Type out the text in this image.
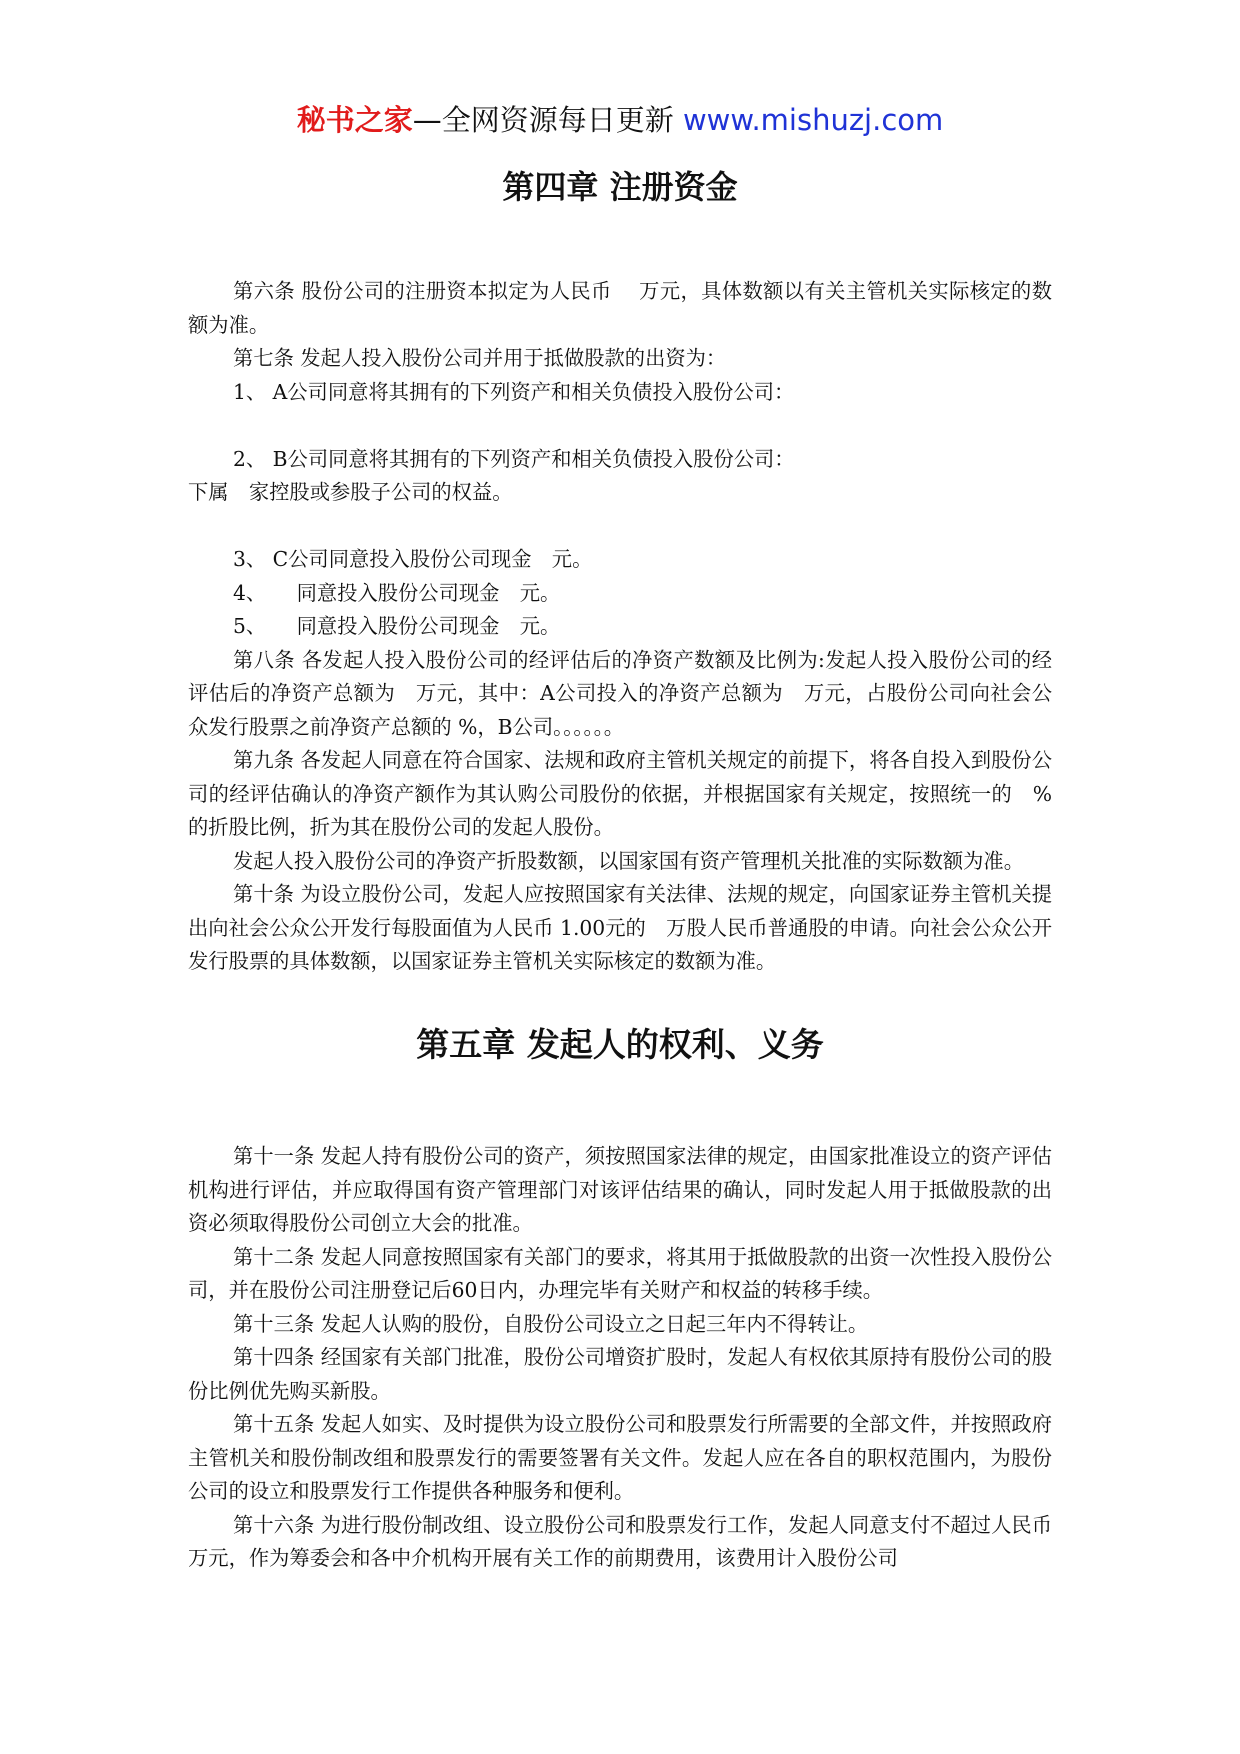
秘书之家—全网资源每日更新 www.mishuzj.com
第四章 注册资金

第六条 股份公司的注册资本拟定为人民币　 万元，具体数额以有关主管机关实际核定的数额为准。

第七条 发起人投入股份公司并用于抵做股款的出资为：

1、 A公司同意将其拥有的下列资产和相关负债投入股份公司：

2、 B公司同意将其拥有的下列资产和相关负债投入股份公司：

下属　家控股或参股子公司的权益。

3、 C公司同意投入股份公司现金　元。

4、　　同意投入股份公司现金　元。

5、　　同意投入股份公司现金　元。

第八条 各发起人投入股份公司的经评估后的净资产数额及比例为:发起人投入股份公司的经评估后的净资产总额为　万元，其中：A公司投入的净资产总额为　万元，占股份公司向社会公众发行股票之前净资产总额的 %，B公司。。。。。。

第九条 各发起人同意在符合国家、法规和政府主管机关规定的前提下，将各自投入到股份公司的经评估确认的净资产额作为其认购公司股份的依据，并根据国家有关规定，按照统一的　%的折股比例，折为其在股份公司的发起人股份。

发起人投入股份公司的净资产折股数额，以国家国有资产管理机关批准的实际数额为准。

第十条 为设立股份公司，发起人应按照国家有关法律、法规的规定，向国家证券主管机关提出向社会公众公开发行每股面值为人民币 1.00元的　万股人民币普通股的申请。向社会公众公开发行股票的具体数额，以国家证券主管机关实际核定的数额为准。

第五章 发起人的权利、义务

第十一条 发起人持有股份公司的资产，须按照国家法律的规定，由国家批准设立的资产评估机构进行评估，并应取得国有资产管理部门对该评估结果的确认，同时发起人用于抵做股款的出资必须取得股份公司创立大会的批准。

第十二条 发起人同意按照国家有关部门的要求，将其用于抵做股款的出资一次性投入股份公司，并在股份公司注册登记后60日内，办理完毕有关财产和权益的转移手续。

第十三条 发起人认购的股份，自股份公司设立之日起三年内不得转让。

第十四条 经国家有关部门批准，股份公司增资扩股时，发起人有权依其原持有股份公司的股份比例优先购买新股。

第十五条 发起人如实、及时提供为设立股份公司和股票发行所需要的全部文件，并按照政府主管机关和股份制改组和股票发行的需要签署有关文件。发起人应在各自的职权范围内，为股份公司的设立和股票发行工作提供各种服务和便利。

第十六条 为进行股份制改组、设立股份公司和股票发行工作，发起人同意支付不超过人民币　 万元，作为筹委会和各中介机构开展有关工作的前期费用，该费用计入股份公司
